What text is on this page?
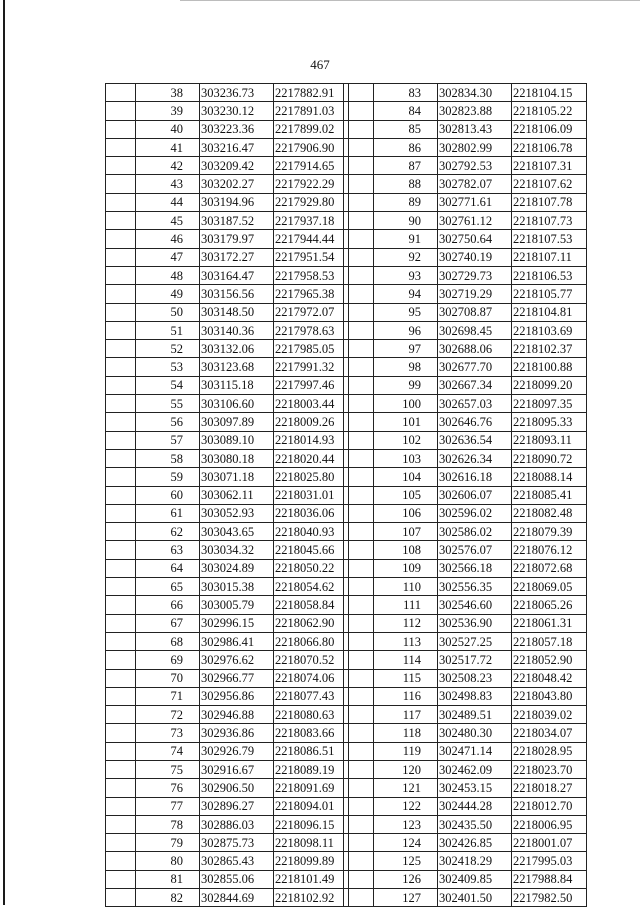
467
	38	303236.73	2217882.91
	39	303230.12	2217891.03
	40	303223.36	2217899.02
	41	303216.47	2217906.90
	42	303209.42	2217914.65
	43	303202.27	2217922.29
	44	303194.96	2217929.80
	45	303187.52	2217937.18
	46	303179.97	2217944.44
	47	303172.27	2217951.54
	48	303164.47	2217958.53
	49	303156.56	2217965.38
	50	303148.50	2217972.07
	51	303140.36	2217978.63
	52	303132.06	2217985.05
	53	303123.68	2217991.32
	54	303115.18	2217997.46
	55	303106.60	2218003.44
	56	303097.89	2218009.26
	57	303089.10	2218014.93
	58	303080.18	2218020.44
	59	303071.18	2218025.80
	60	303062.11	2218031.01
	61	303052.93	2218036.06
	62	303043.65	2218040.93
	63	303034.32	2218045.66
	64	303024.89	2218050.22
	65	303015.38	2218054.62
	66	303005.79	2218058.84
	67	302996.15	2218062.90
	68	302986.41	2218066.80
	69	302976.62	2218070.52
	70	302966.77	2218074.06
	71	302956.86	2218077.43
	72	302946.88	2218080.63
	73	302936.86	2218083.66
	74	302926.79	2218086.51
	75	302916.67	2218089.19
	76	302906.50	2218091.69
	77	302896.27	2218094.01
	78	302886.03	2218096.15
	79	302875.73	2218098.11
	80	302865.43	2218099.89
	81	302855.06	2218101.49
	82	302844.69	2218102.92
	83	302834.30	2218104.15
	84	302823.88	2218105.22
	85	302813.43	2218106.09
	86	302802.99	2218106.78
	87	302792.53	2218107.31
	88	302782.07	2218107.62
	89	302771.61	2218107.78
	90	302761.12	2218107.73
	91	302750.64	2218107.53
	92	302740.19	2218107.11
	93	302729.73	2218106.53
	94	302719.29	2218105.77
	95	302708.87	2218104.81
	96	302698.45	2218103.69
	97	302688.06	2218102.37
	98	302677.70	2218100.88
	99	302667.34	2218099.20
	100	302657.03	2218097.35
	101	302646.76	2218095.33
	102	302636.54	2218093.11
	103	302626.34	2218090.72
	104	302616.18	2218088.14
	105	302606.07	2218085.41
	106	302596.02	2218082.48
	107	302586.02	2218079.39
	108	302576.07	2218076.12
	109	302566.18	2218072.68
	110	302556.35	2218069.05
	111	302546.60	2218065.26
	112	302536.90	2218061.31
	113	302527.25	2218057.18
	114	302517.72	2218052.90
	115	302508.23	2218048.42
	116	302498.83	2218043.80
	117	302489.51	2218039.02
	118	302480.30	2218034.07
	119	302471.14	2218028.95
	120	302462.09	2218023.70
	121	302453.15	2218018.27
	122	302444.28	2218012.70
	123	302435.50	2218006.95
	124	302426.85	2218001.07
	125	302418.29	2217995.03
	126	302409.85	2217988.84
	127	302401.50	2217982.50
